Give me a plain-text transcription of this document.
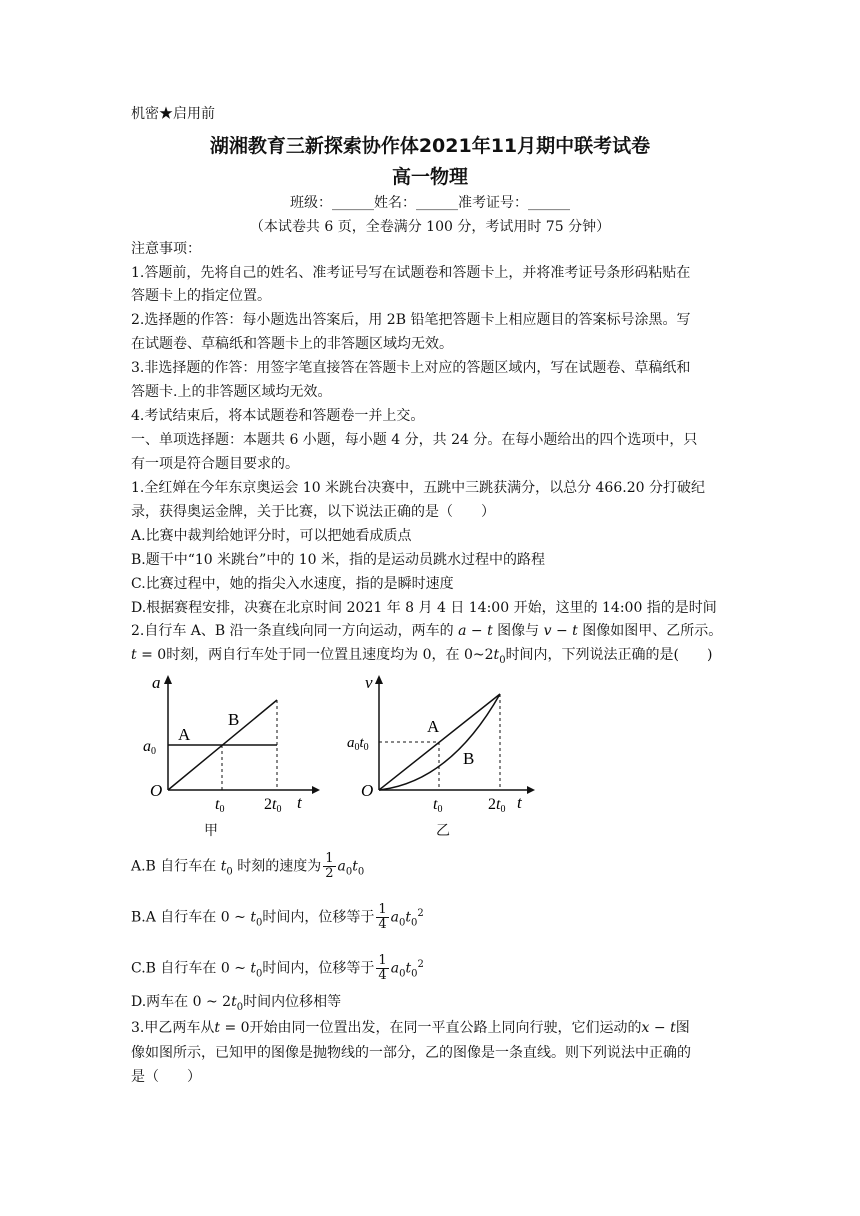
机密★启用前
湖湘教育三新探索协作体2021年11月期中联考试卷
高一物理
班级：______姓名：______准考证号：______
（本试卷共 6 页，全卷满分 100 分，考试用时 75 分钟）
注意事项：
1.答题前，先将自己的姓名、准考证号写在试题卷和答题卡上，并将准考证号条形码粘贴在
答题卡上的指定位置。
2.选择题的作答：每小题选出答案后，用 2B 铅笔把答题卡上相应题目的答案标号涂黑。写
在试题卷、草稿纸和答题卡上的非答题区域均无效。
3.非选择题的作答：用签字笔直接答在答题卡上对应的答题区域内，写在试题卷、草稿纸和
答题卡.上的非答题区域均无效。
4.考试结束后，将本试题卷和答题卷一并上交。
一、单项选择题：本题共 6 小题，每小题 4 分，共 24 分。在每小题给出的四个选项中，只
有一项是符合题目要求的。
1.全红婵在今年东京奥运会 10 米跳台决赛中，五跳中三跳获满分，以总分 466.20 分打破纪
录，获得奥运金牌，关于比赛，以下说法正确的是（　　）
A.比赛中裁判给她评分时，可以把她看成质点
B.题干中“10 米跳台”中的 10 米，指的是运动员跳水过程中的路程
C.比赛过程中，她的指尖入水速度，指的是瞬时速度
D.根据赛程安排，决赛在北京时间 2021 年 8 月 4 日 14:00 开始，这里的 14:00 指的是时间
2.自行车 A、B 沿一条直线向同一方向运动，两车的 a − t 图像与 v − t 图像如图甲、乙所示。
t = 0时刻，两自行车处于同一位置且速度均为 0，在 $0\sim 2t_0$时间内，下列说法正确的是(　　)
a
t
O
a0
A
B
t0 2t0
甲
v
t
O
$a_0t_0$
A
B
t0	2t0
乙
A.B 自行车在 $t_0$ 时刻的速度为 $\frac{1}{2} a_0t_0$
B.A 自行车在 0 ~ $t_0$时间内，位移等于 $\frac{1}{4} a_0t_0^2$
C.B 自行车在 0 ~ $t_0$时间内，位移等于 $\frac{1}{4} a_0t_0^2$
D.两车在 0 ~ $2t_0$时间内位移相等
3.甲乙两车从t = 0开始由同一位置出发，在同一平直公路上同向行驶，它们运动的x − t图
像如图所示，已知甲的图像是抛物线的一部分，乙的图像是一条直线。则下列说法中正确的
是（　　）
